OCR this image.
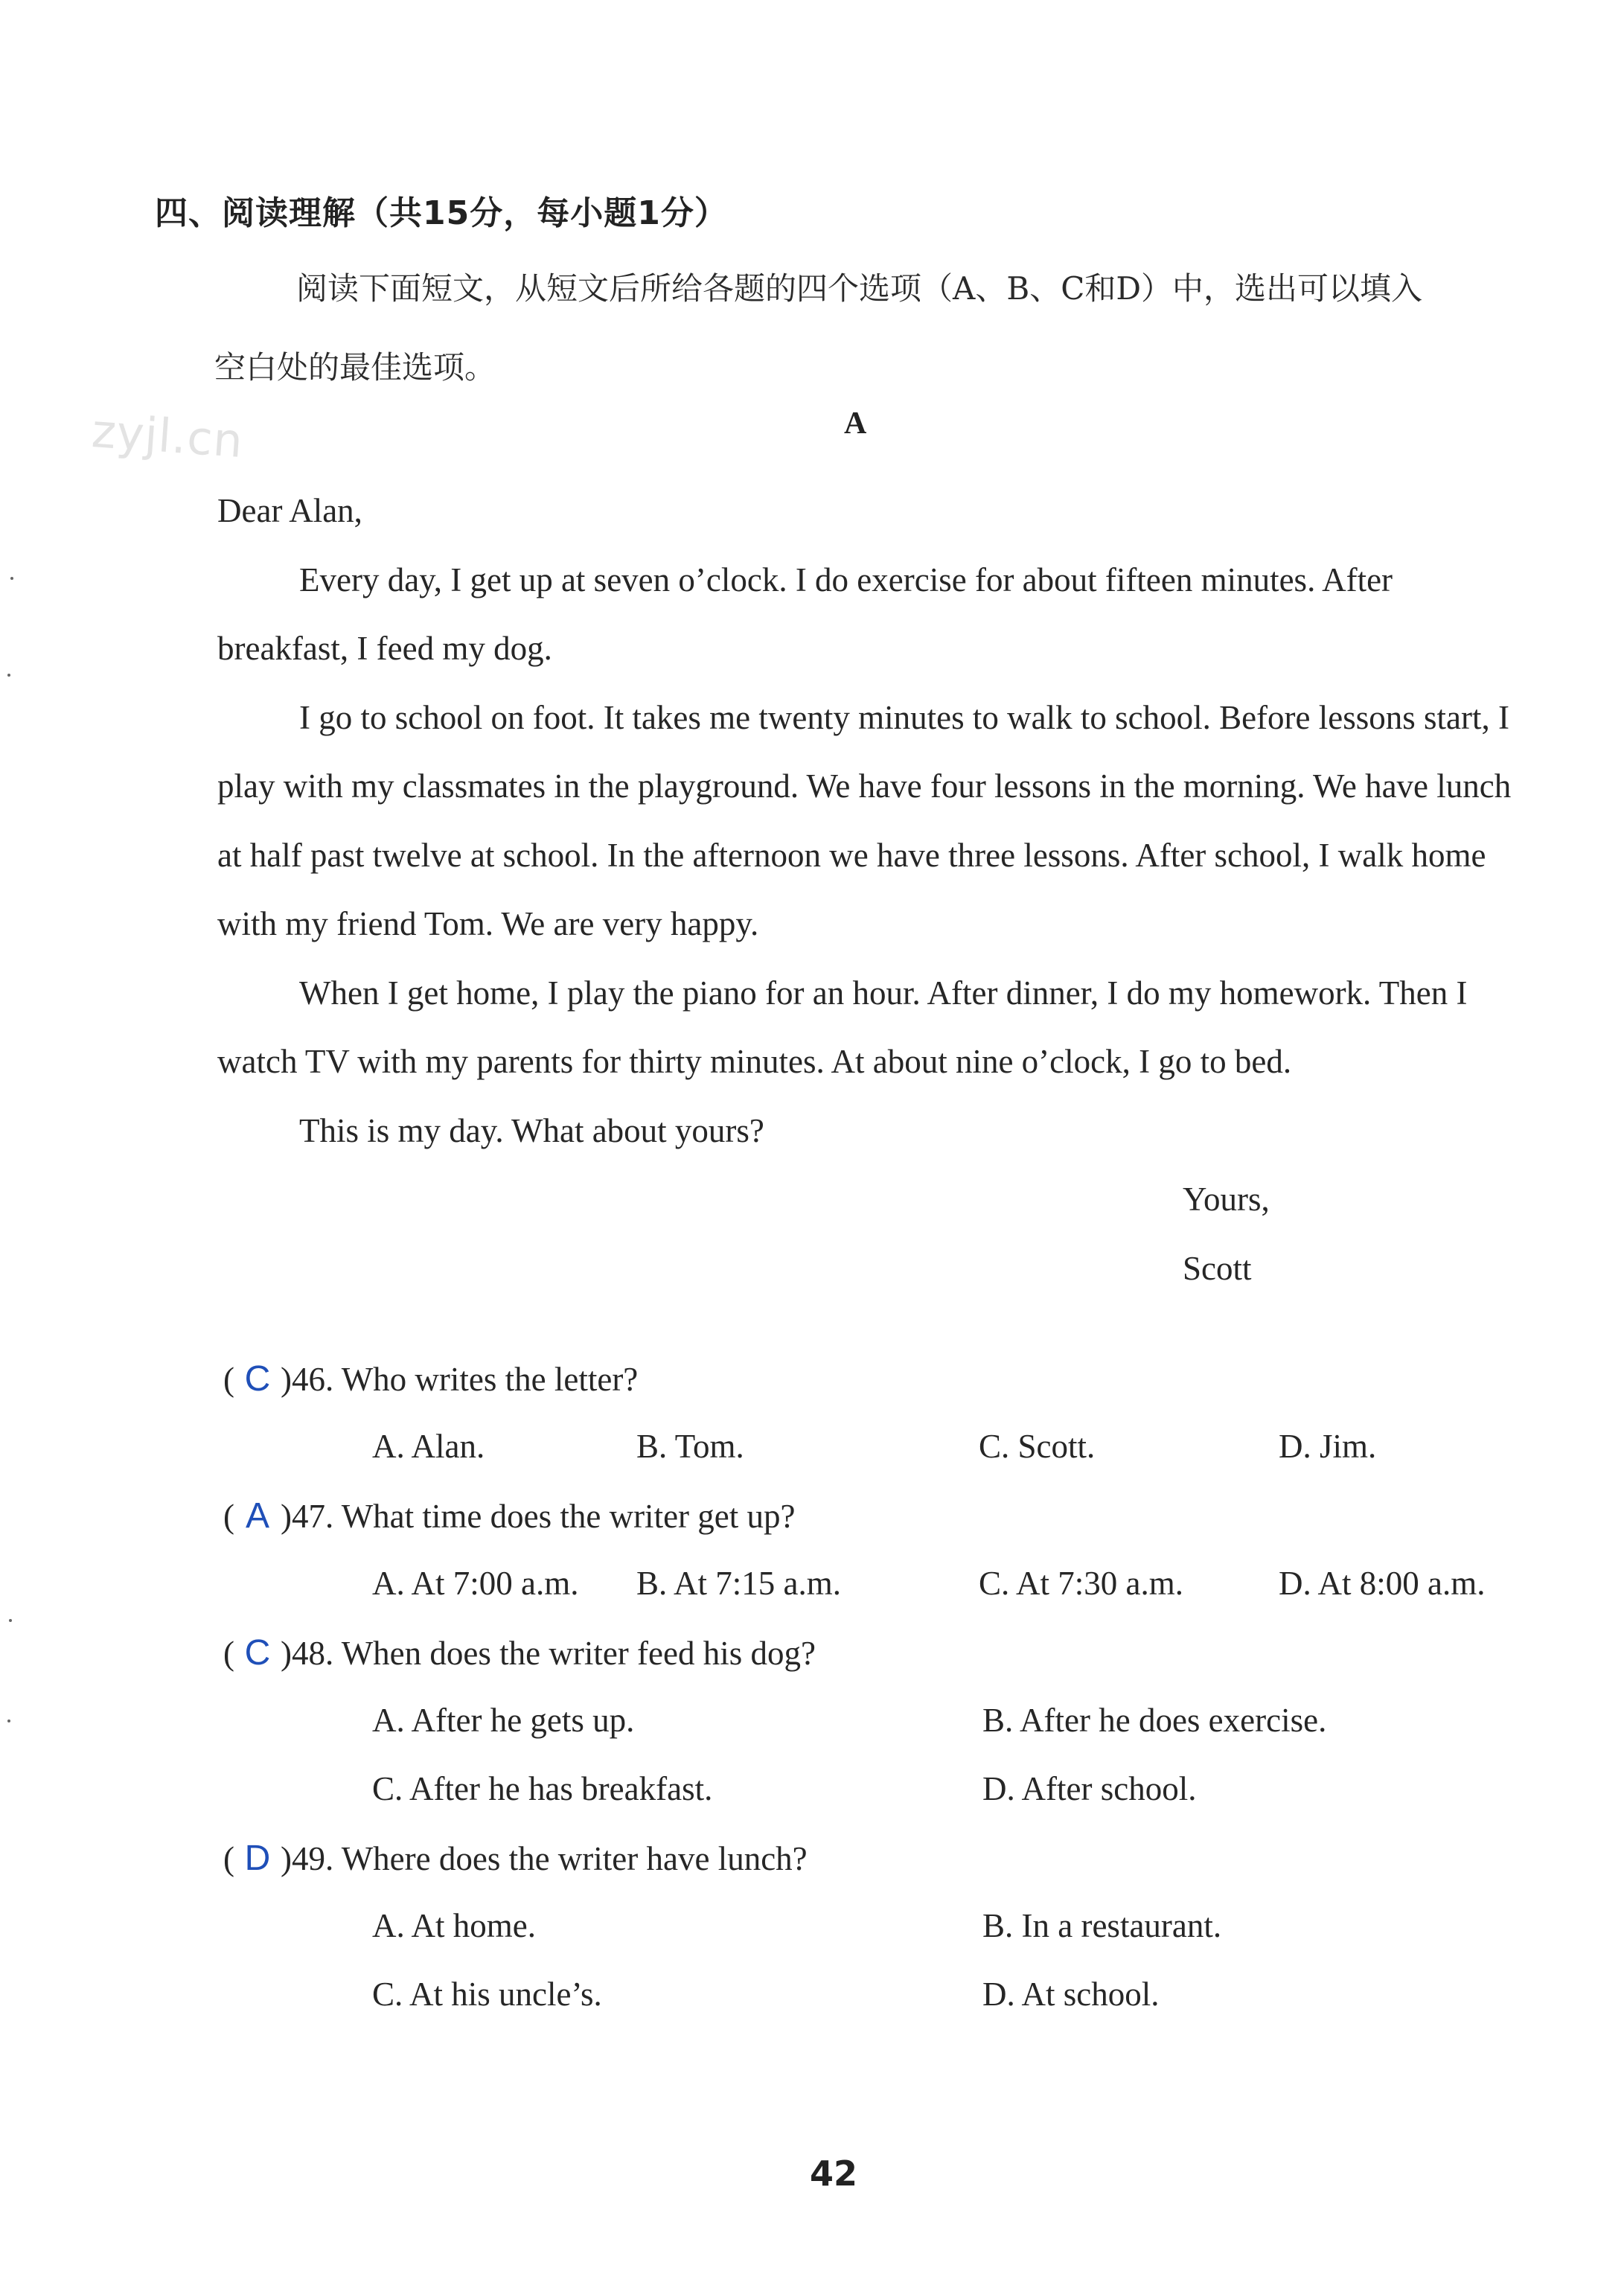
四、阅读理解（共15分，每小题1分）
阅读下面短文，从短文后所给各题的四个选项（A、B、C和D）中，选出可以填入
空白处的最佳选项。
zyjl.cn	A

Dear Alan,

Every day, I get up at seven o’clock. I do exercise for about fifteen minutes. After breakfast, I feed my dog.

I go to school on foot. It takes me twenty minutes to walk to school. Before lessons start, I play with my classmates in the playground. We have four lessons in the morning. We have lunch at half past twelve at school. In the afternoon we have three lessons. After school, I walk home with my friend Tom. We are very happy.

When I get home, I play the piano for an hour. After dinner, I do my homework. Then I watch TV with my parents for thirty minutes. At about nine o’clock, I go to bed.

This is my day. What about yours?

Yours,

Scott

( C )46. Who writes the letter?
A. Alan.	B. Tom.	C. Scott.	D. Jim.
( A )47. What time does the writer get up?
A. At 7:00 a.m. B. At 7:15 a.m.	C. At 7:30 a.m.	D. At 8:00 a.m.
( C )48. When does the writer feed his dog?
A. After he gets up.	B. After he does exercise.
C. After he has breakfast.	D. After school.
( D )49. Where does the writer have lunch?
A. At home.	B. In a restaurant.
C. At his uncle’s.	D. At school.
42
